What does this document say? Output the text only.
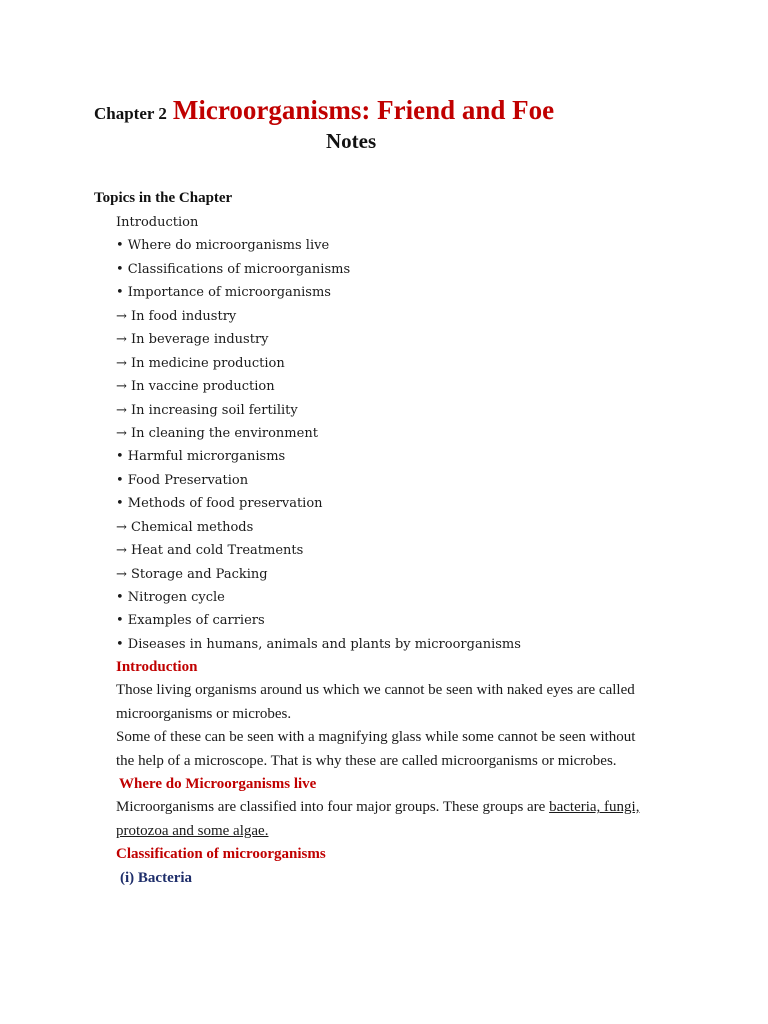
Chapter 2 Microorganisms: Friend and Foe
Notes
Topics in the Chapter
Introduction
• Where do microorganisms live
• Classifications of microorganisms
• Importance of microorganisms
→ In food industry
→ In beverage industry
→ In medicine production
→ In vaccine production
→ In increasing soil fertility
→ In cleaning the environment
• Harmful microrganisms
• Food Preservation
• Methods of food preservation
→ Chemical methods
→ Heat and cold Treatments
→ Storage and Packing
• Nitrogen cycle
• Examples of carriers
• Diseases in humans, animals and plants by microorganisms
Introduction
Those living organisms around us which we cannot be seen with naked eyes are called
microorganisms or microbes.
Some of these can be seen with a magnifying glass while some cannot be seen without
the help of a microscope. That is why these are called microorganisms or microbes.
Where do Microorganisms live
Microorganisms are classified into four major groups. These groups are bacteria, fungi,
protozoa and some algae.
Classification of microorganisms
(i) Bacteria
